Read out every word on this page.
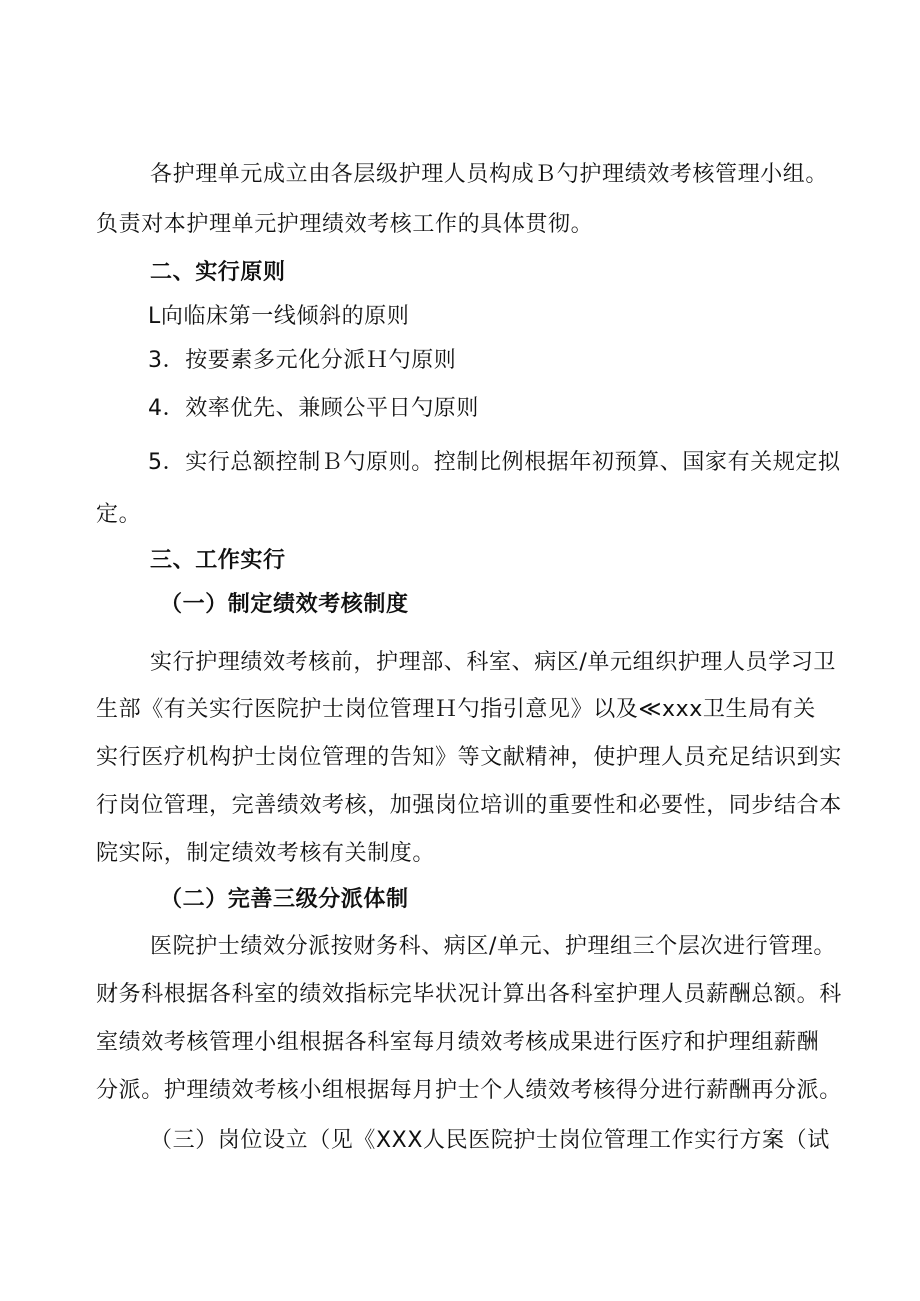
各护理单元成立由各层级护理人员构成Ｂ勺护理绩效考核管理小组。
负责对本护理单元护理绩效考核工作的具体贯彻。
二、实行原则
L向临床第一线倾斜的原则
3．按要素多元化分派Ｈ勺原则
4．效率优先、兼顾公平日勺原则
5．实行总额控制Ｂ勺原则。控制比例根据年初预算、国家有关规定拟
定。
三、工作实行
（一）制定绩效考核制度
实行护理绩效考核前，护理部、科室、病区/单元组织护理人员学习卫
生部《有关实行医院护士岗位管理Ｈ勺指引意见》以及≪xxx卫生局有关
实行医疗机构护士岗位管理的告知》等文献精神，使护理人员充足结识到实
行岗位管理，完善绩效考核，加强岗位培训的重要性和必要性，同步结合本
院实际，制定绩效考核有关制度。
（二）完善三级分派体制
医院护士绩效分派按财务科、病区/单元、护理组三个层次进行管理。
财务科根据各科室的绩效指标完毕状况计算出各科室护理人员薪酬总额。科
室绩效考核管理小组根据各科室每月绩效考核成果进行医疗和护理组薪酬
分派。护理绩效考核小组根据每月护士个人绩效考核得分进行薪酬再分派。
（三）岗位设立（见《XXX人民医院护士岗位管理工作实行方案（试
